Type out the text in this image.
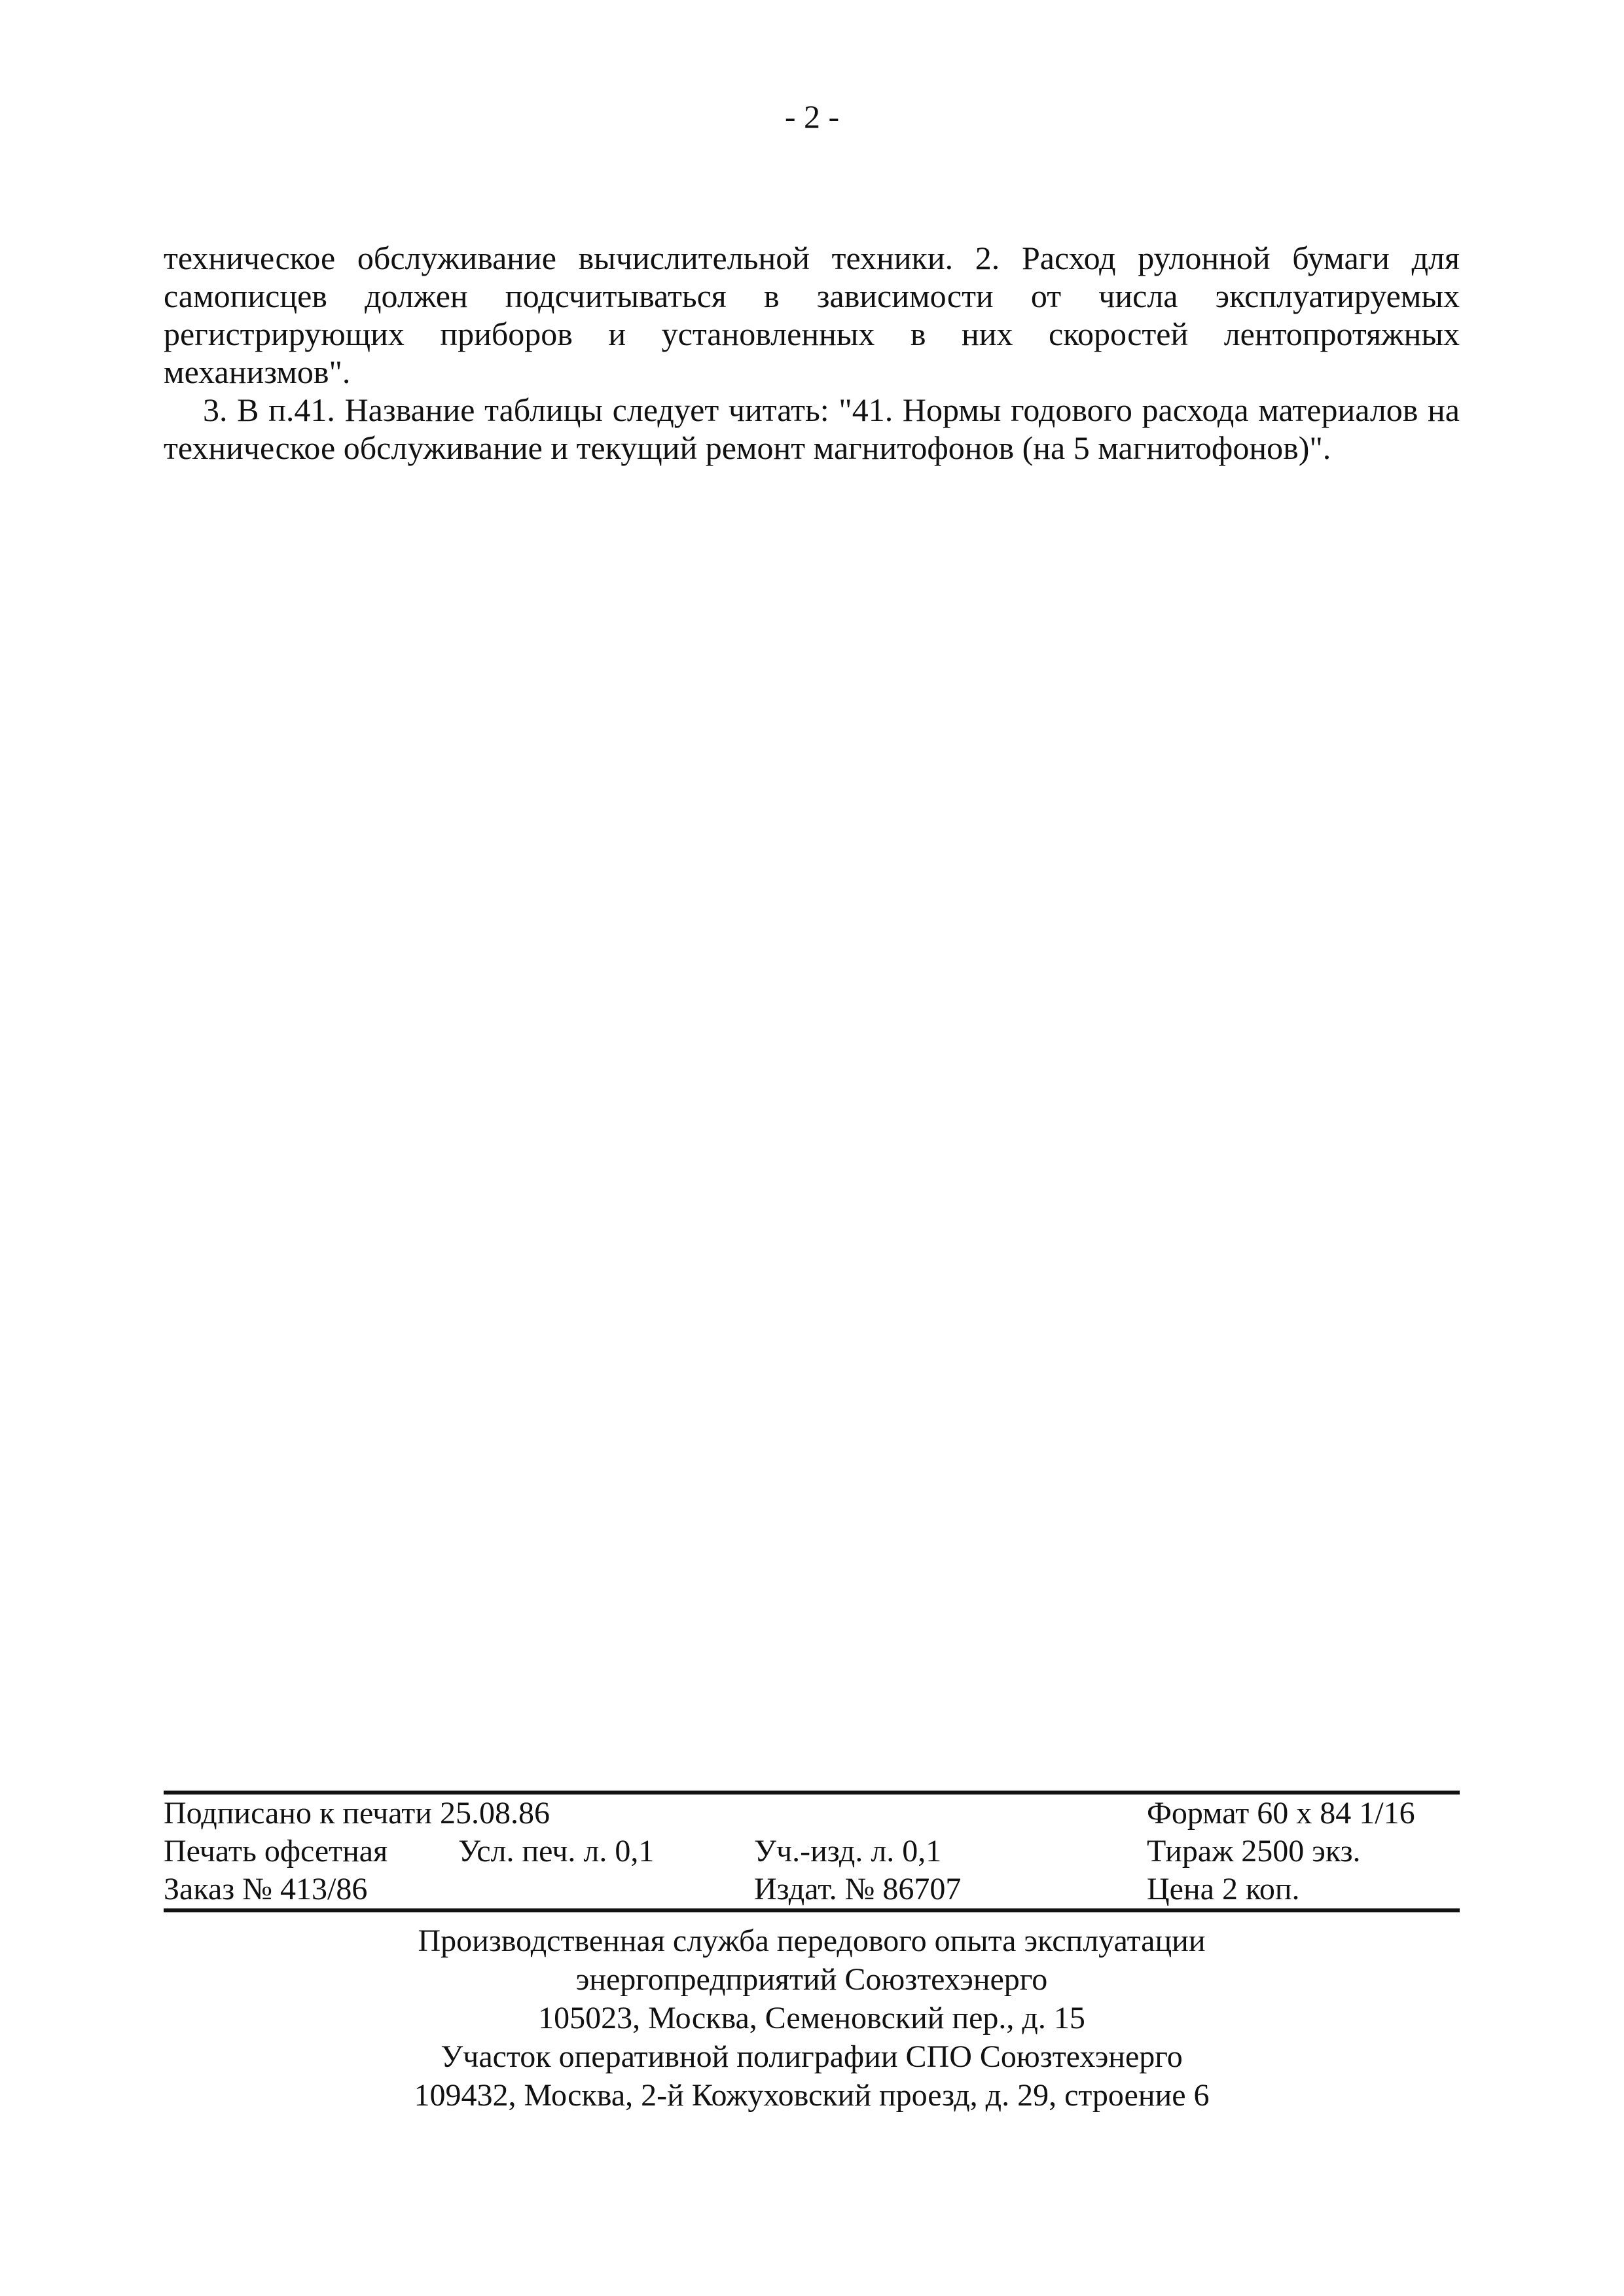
- 2 -

техническое обслуживание вычислительной техники. 2. Расход рулонной бумаги для самописцев должен подсчитываться в зависимости от числа эксплуатируемых регистрирующих приборов и установленных в них скоростей лентопротяжных механизмов".

3. В п.41. Название таблицы следует читать: "41. Нормы годового расхода материалов на техническое обслуживание и текущий ремонт магнитофонов (на 5 магнитофонов)".

Подписано к печати 25.08.86			Формат 60 х 84 1/16
Печать офсетная	Усл. печ. л. 0,1	Уч.-изд. л. 0,1	Тираж 2500 экз.
Заказ № 413/86		Издат. № 86707	Цена 2 коп.
Производственная служба передового опыта эксплуатации
энергопредприятий Союзтехэнерго
105023, Москва, Семеновский пер., д. 15
Участок оперативной полиграфии СПО Союзтехэнерго
109432, Москва, 2-й Кожуховский проезд, д. 29, строение 6
